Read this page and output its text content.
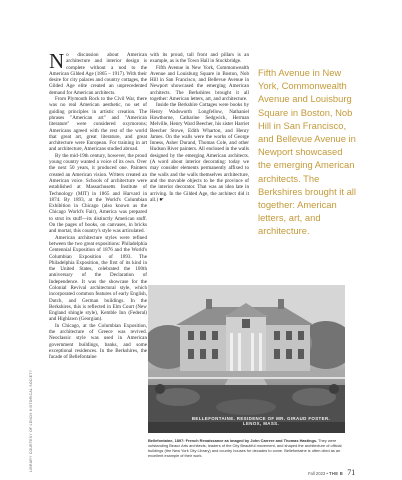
N o discussion about American architecture and interior design is complete without a nod to the American Gilded Age (1865 – 1917). With their desire for city palaces and country cottages, the Gilded Age elite created an unprecedented demand for American architects.

From Plymouth Rock to the Civil War, there was no real American aesthetic, no set of guiding principles in artistic creation. The phrases "American art" and "American literature" were considered oxymorons; Americans agreed with the rest of the world that great art, great literature, and great architecture were European. For training in art and architecture, Americans studied abroad.

By the mid-19th century, however, the proud young country wanted a voice of its own. Over the next 50 years, it produced one. Painters created an American vision. Writers created an American voice. Schools of architecture were established at Massachusetts Institute of Technology (MIT) in 1865 and Harvard in 1874. By 1893, at the World's Columbian Exhibition in Chicago (also known as the Chicago World's Fair), America was prepared to strut its stuff—its distinctly American stuff. On the pages of books, on canvases, in bricks and mortar, this country's style was articulated.

American architecture styles were refined between the two great expositions: Philadelphia Centennial Exposition of 1876 and the World's Columbian Exposition of 1893. The Philadelphia Exposition, the first of its kind in the United States, celebrated the 100th anniversary of the Declaration of Independence. It was the showcase for the Colonial Revival architectural style, which incorporated common features of early English, Dutch, and German buildings. In the Berkshires, this is reflected in Elm Court (New England shingle style), Kemble Inn (Federal) and Highlawn (Georgian).

In Chicago, at the Columbian Exposition, the architecture of Greece was revived. Neoclassic style was used in American government buildings, banks, and some exceptional residences. In the Berkshires, the facade of Bellefontaine

with its proud, tall front and pillars is an example, as is the Town Hall in Stockbridge.

Fifth Avenue in New York, Commonwealth Avenue and Louisburg Square in Boston, Nob Hill in San Francisco, and Bellevue Avenue in Newport showcased the emerging American architects. The Berkshires brought it all together: American letters, art, and architecture.

Inside the Berkshire Cottages were books by Henry Wadsworth Longfellow, Nathaniel Hawthorne, Catharine Sedgwick, Herman Melville, Henry Ward Beecher, his sister Harriet Beecher Stowe, Edith Wharton, and Henry James. On the walls were the works of George Inness, Asher Durand, Thomas Cole, and other Hudson River painters. All enclosed in the walls designed by the emerging American architects. (A word about interior decorating: today we may consider elements permanently affixed to the walls and the walls themselves architecture, and the movable objects to be the province of the interior decorator. That was an idea late in arriving. In the Gilded Age, the architect did it all.) ☛

Fifth Avenue in New York, Commonwealth Avenue and Louisburg Square in Boston, Nob Hill in San Francisco, and Bellevue Avenue in Newport showcased the emerging American architects. The Berkshires brought it all together: American letters, art, and architecture.
LIBRARY COURTESY OF LENOX HISTORICAL SOCIETY	BELLEFONTAINE. RESIDENCE OF MR. GIRAUD FOSTER. LENOX, MASS.
Bellefontaine, 1897: French Renaissance as imaged by John Carrere and Thomas Hastings. They were outstanding Beaux Arts architects, leaders of the City Beautiful movement, and shaped the architecture of official buildings (the New York City Library) and country houses for decades to come. Bellefontaine is often cited as an excellent example of their work.
Fall 2023 • THE B 71
